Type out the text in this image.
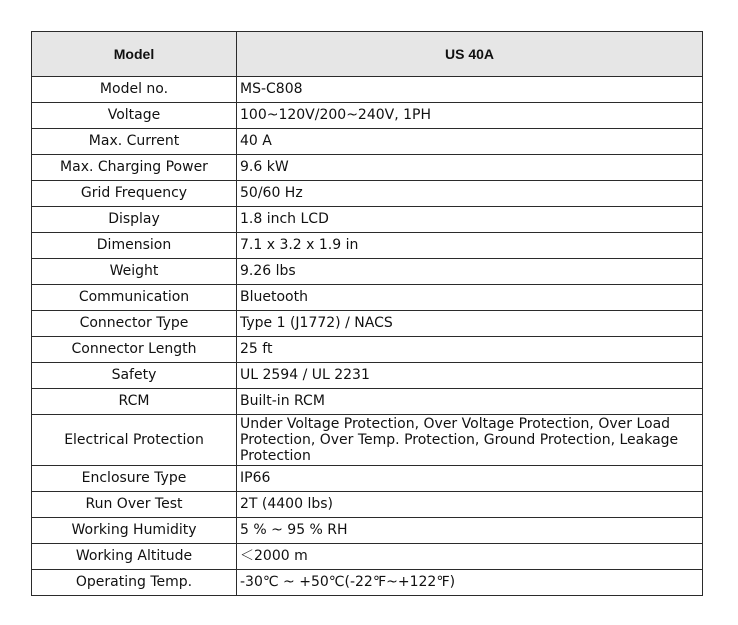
Model	US 40A
Model no.	MS-C808
Voltage	100~120V/200~240V, 1PH
Max. Current	40 A
Max. Charging Power	9.6 kW
Grid Frequency	50/60 Hz
Display	1.8 inch LCD
Dimension	7.1 x 3.2 x 1.9 in
Weight	9.26 lbs
Communication	Bluetooth
Connector Type	Type 1 (J1772) / NACS
Connector Length	25 ft
Safety	UL 2594 / UL 2231
RCM	Built-in RCM
Electrical Protection	Under Voltage Protection, Over Voltage Protection, Over Load Protection, Over Temp. Protection, Ground Protection, Leakage Protection
Enclosure Type	IP66
Run Over Test	2T (4400 lbs)
Working Humidity	5 % ~ 95 % RH
Working Altitude	＜2000 m
Operating Temp.	-30℃ ~ +50℃(-22℉~+122℉)
